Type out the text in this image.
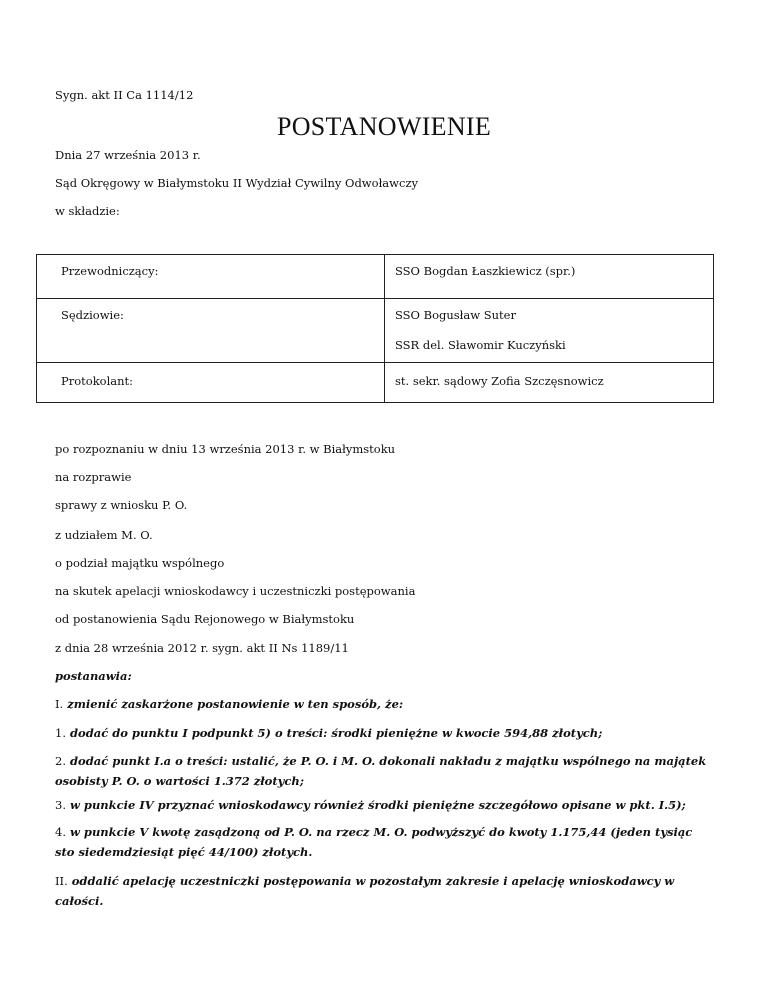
Sygn. akt II Ca 1114/12
POSTANOWIENIE
Dnia 27 września 2013 r.
Sąd Okręgowy w Białymstoku II Wydział Cywilny Odwoławczy
w składzie:
Przewodniczący:	SSO Bogdan Łaszkiewicz (spr.)

Sędziowie:	SSO Bogusław Suter
SSR del. Sławomir Kuczyński

Protokolant:	st. sekr. sądowy Zofia Szczęsnowicz
po rozpoznaniu w dniu 13 września 2013 r. w Białymstoku
na rozprawie
sprawy z wniosku P. O.
z udziałem M. O.
o podział majątku wspólnego
na skutek apelacji wnioskodawcy i uczestniczki postępowania
od postanowienia Sądu Rejonowego w Białymstoku
z dnia 28 września 2012 r. sygn. akt II Ns 1189/11
postanawia:
I. zmienić zaskarżone postanowienie w ten sposób, że:
1. dodać do punktu I podpunkt 5) o treści: środki pieniężne w kwocie 594,88 złotych;
2. dodać punkt I.a o treści: ustalić, że P. O. i M. O. dokonali nakładu z majątku wspólnego na majątek osobisty P. O. o wartości 1.372 złotych;
3. w punkcie IV przyznać wnioskodawcy również środki pieniężne szczegółowo opisane w pkt. I.5);
4. w punkcie V kwotę zasądzoną od P. O. na rzecz M. O. podwyższyć do kwoty 1.175,44 (jeden tysiąc sto siedemdziesiąt pięć 44/100) złotych.
II. oddalić apelację uczestniczki postępowania w pozostałym zakresie i apelację wnioskodawcy w całości.
